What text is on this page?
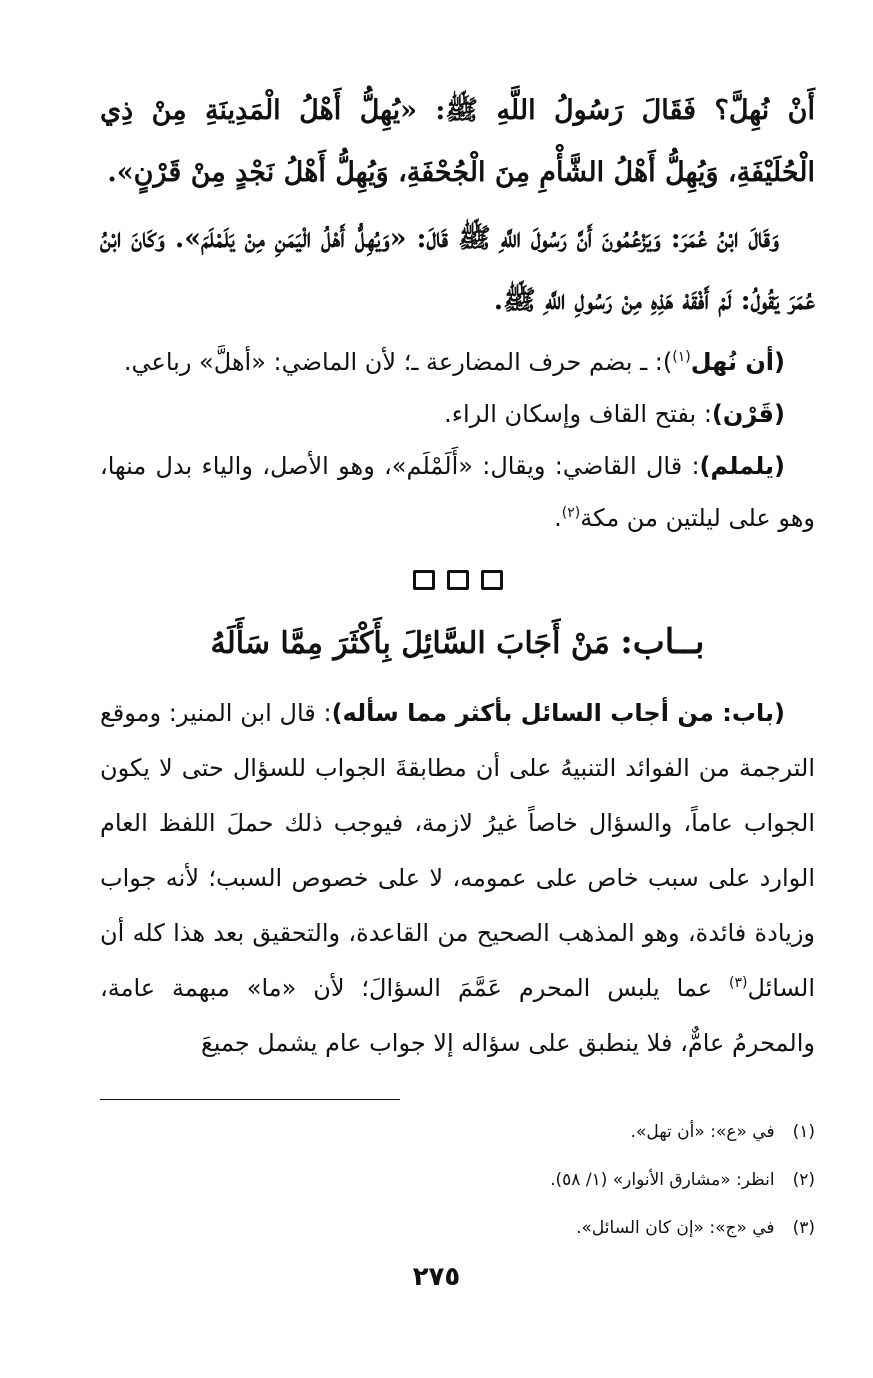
أَنْ نُهِلَّ؟ فَقَالَ رَسُولُ اللَّهِ ﷺ: «يُهِلُّ أَهْلُ الْمَدِينَةِ مِنْ ذِي الْحُلَيْفَةِ، وَيُهِلُّ أَهْلُ الشَّأْمِ مِنَ الْجُحْفَةِ، وَيُهِلُّ أَهْلُ نَجْدٍ مِنْ قَرْنٍ».

وَقَالَ ابْنُ عُمَرَ: وَيَزْعُمُونَ أَنَّ رَسُولَ اللَّهِ ﷺ قَالَ: «وَيُهِلُّ أَهْلُ الْيَمَنِ مِنْ يَلَمْلَمَ». وَكَانَ ابْنُ عُمَرَ يَقُولُ: لَمْ أَفْقَهْ هَذِهِ مِنْ رَسُولِ اللَّهِ ﷺ.

(أن نُهل$^{(١)}$): ـ بضم حرف المضارعة ـ؛ لأن الماضي: «أهلَّ» رباعي.

(قَرْن): بفتح القاف وإسكان الراء.

(يلملم): قال القاضي: ويقال: «أَلَمْلَم»، وهو الأصل، والياء بدل منها، وهو على ليلتين من مكة$^{(٢)}$.

بــاب: مَنْ أَجَابَ السَّائِلَ بِأَكْثَرَ مِمَّا سَأَلَهُ

(باب: من أجاب السائل بأكثر مما سأله): قال ابن المنير: وموقع الترجمة من الفوائد التنبيهُ على أن مطابقةَ الجواب للسؤال حتى لا يكون الجواب عاماً، والسؤال خاصاً غيرُ لازمة، فيوجب ذلك حملَ اللفظ العام الوارد على سبب خاص على عمومه، لا على خصوص السبب؛ لأنه جواب وزيادة فائدة، وهو المذهب الصحيح من القاعدة، والتحقيق بعد هذا كله أن السائل$^{(٣)}$ عما يلبس المحرم عَمَّمَ السؤالَ؛ لأن «ما» مبهمة عامة، والمحرمُ عامٌّ، فلا ينطبق على سؤاله إلا جواب عام يشمل جميعَ

(١)في «ع»: «أن تهل».

(٢)انظر: «مشارق الأنوار» (١/ ٥٨).

(٣)في «ج»: «إن كان السائل».

٢٧٥
